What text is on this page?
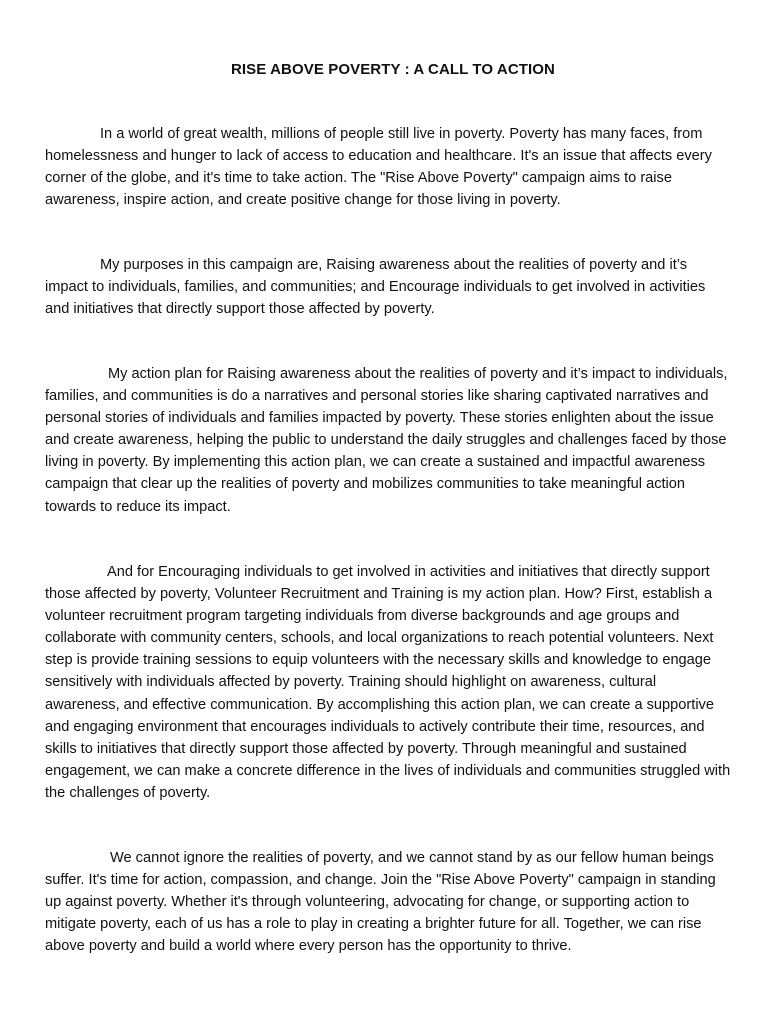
RISE ABOVE POVERTY : A CALL TO ACTION

In a world of great wealth, millions of people still live in poverty. Poverty has many faces, from homelessness and hunger to lack of access to education and healthcare. It's an issue that affects every corner of the globe, and it's time to take action. The "Rise Above Poverty" campaign aims to raise awareness, inspire action, and create positive change for those living in poverty.

My purposes in this campaign are, Raising awareness about the realities of poverty and it’s impact to individuals, families, and communities; and Encourage individuals to get involved in activities and initiatives that directly support those affected by poverty.

My action plan for Raising awareness about the realities of poverty and it’s impact to individuals, families, and communities is do a narratives and personal stories like sharing captivated narratives and personal stories of individuals and families impacted by poverty. These stories enlighten about the issue and create awareness, helping the public to understand the daily struggles and challenges faced by those living in poverty. By implementing this action plan, we can create a sustained and impactful awareness campaign that clear up the realities of poverty and mobilizes communities to take meaningful action towards to reduce its impact.

And for Encouraging individuals to get involved in activities and initiatives that directly support those affected by poverty, Volunteer Recruitment and Training is my action plan. How? First, establish a volunteer recruitment program targeting individuals from diverse backgrounds and age groups and collaborate with community centers, schools, and local organizations to reach potential volunteers. Next step is provide training sessions to equip volunteers with the necessary skills and knowledge to engage sensitively with individuals affected by poverty. Training should highlight on awareness, cultural awareness, and effective communication. By accomplishing this action plan, we can create a supportive and engaging environment that encourages individuals to actively contribute their time, resources, and skills to initiatives that directly support those affected by poverty. Through meaningful and sustained engagement, we can make a concrete difference in the lives of individuals and communities struggled with the challenges of poverty.

We cannot ignore the realities of poverty, and we cannot stand by as our fellow human beings suffer. It's time for action, compassion, and change. Join the "Rise Above Poverty" campaign in standing up against poverty. Whether it's through volunteering, advocating for change, or supporting action to mitigate poverty, each of us has a role to play in creating a brighter future for all. Together, we can rise above poverty and build a world where every person has the opportunity to thrive.
